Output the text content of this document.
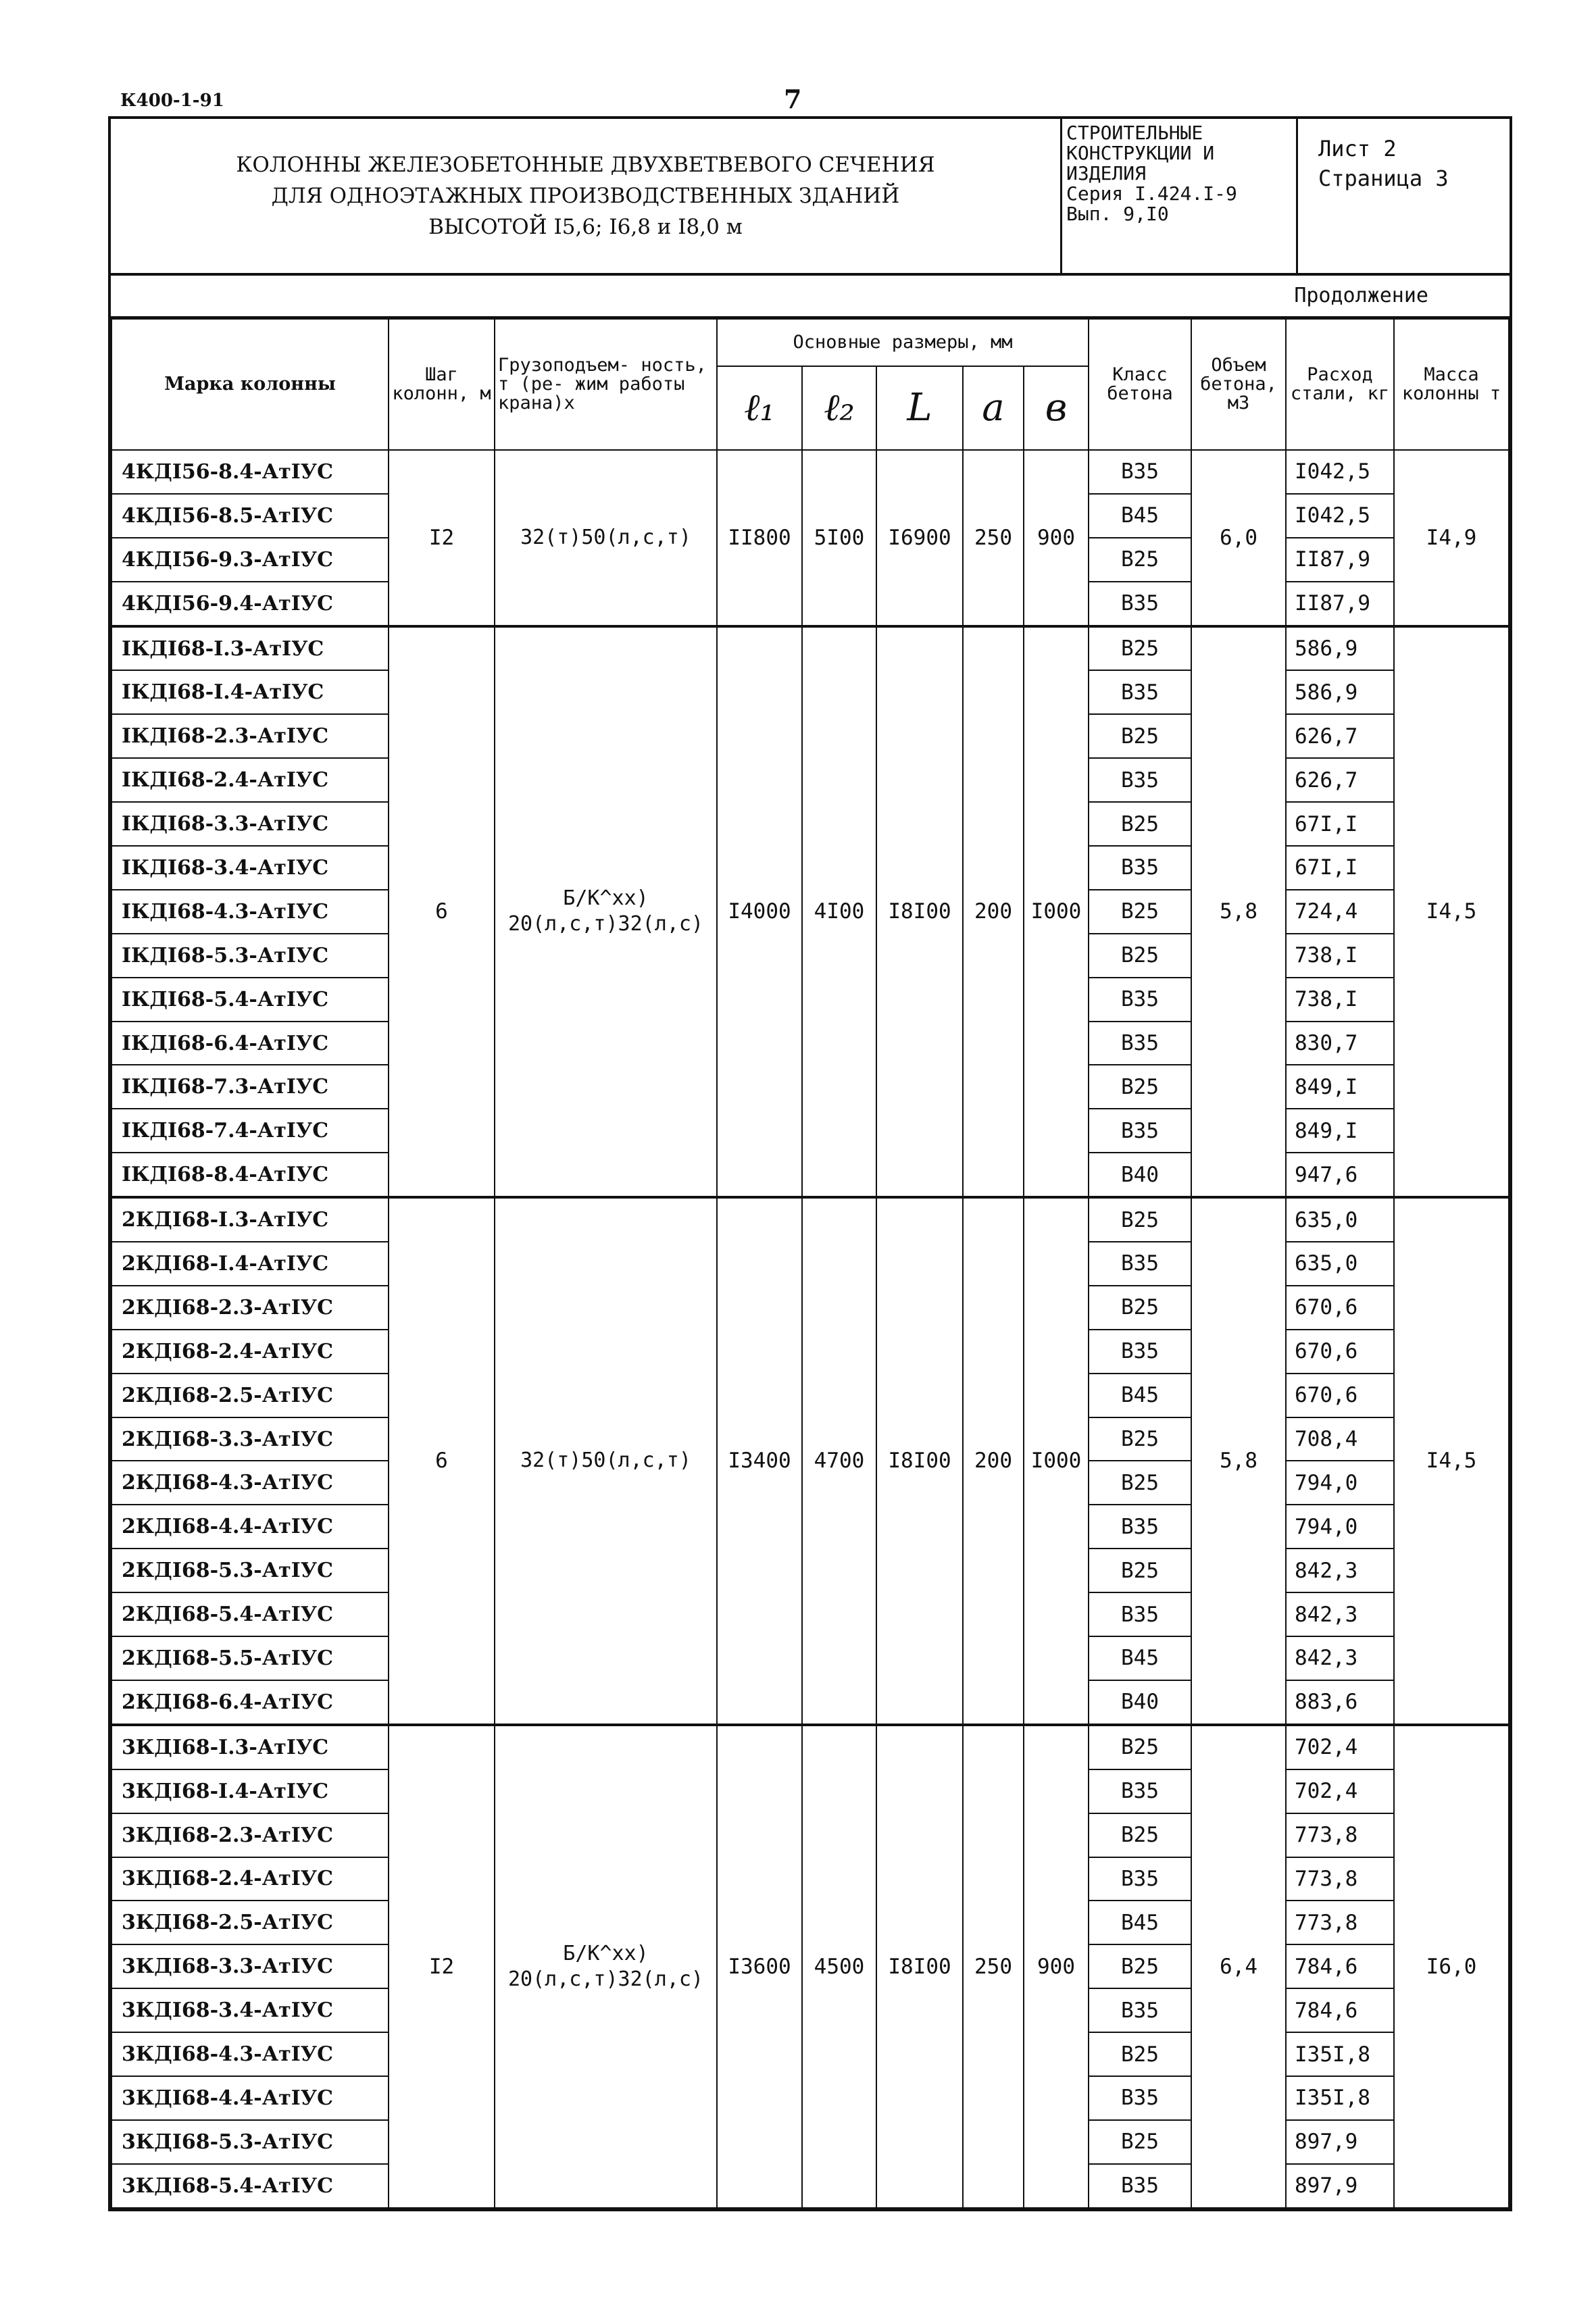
К400-1-91	7
КОЛОННЫ ЖЕЛЕЗОБЕТОННЫЕ ДВУХВЕТВЕВОГО СЕЧЕНИЯ
ДЛЯ ОДНОЭТАЖНЫХ ПРОИЗВОДСТВЕННЫХ ЗДАНИЙ
ВЫСОТОЙ I5,6; I6,8 и I8,0 м
СТРОИТЕЛЬНЫЕ
КОНСТРУКЦИИ И
ИЗДЕЛИЯ
Серия I.424.I-9
Вып. 9,I0
Лист 2
Страница 3
Продолжение
Марка колонны	Шаг колонн, м	Грузоподъем- ность, т (ре- жим работы крана)х	Основные размеры, мм					Класс бетона	Объем бетона, м3	Расход стали, кг	Масса колонны т
			ℓ₁	ℓ₂	L	a	в				
4КДI56-8.4-АтIУС	I2	32(т)50(л,с,т)	II800	5I00	I6900	250	900	B35	6,0	I042,5	I4,9
4КДI56-8.5-АтIУС								B45		I042,5	
4КДI56-9.3-АтIУС								B25		II87,9	
4КДI56-9.4-АтIУС								B35		II87,9	
IКДI68-I.3-АтIУС	6	Б/К^хх)
20(л,с,т)32(л,с)	I4000	4I00	I8I00	200	I000	B25	5,8	586,9	I4,5
IКДI68-I.4-АтIУС								B35		586,9	
IКДI68-2.3-АтIУС								B25		626,7	
IКДI68-2.4-АтIУС								B35		626,7	
IКДI68-3.3-АтIУС								B25		67I,I	
IКДI68-3.4-АтIУС								B35		67I,I	
IКДI68-4.3-АтIУС								B25		724,4	
IКДI68-5.3-АтIУС								B25		738,I	
IКДI68-5.4-АтIУС								B35		738,I	
IКДI68-6.4-АтIУС								B35		830,7	
IКДI68-7.3-АтIУС								B25		849,I	
IКДI68-7.4-АтIУС								B35		849,I	
IКДI68-8.4-АтIУС								B40		947,6	
2КДI68-I.3-АтIУС	6	32(т)50(л,с,т)	I3400	4700	I8I00	200	I000	B25	5,8	635,0	I4,5
2КДI68-I.4-АтIУС								B35		635,0	
2КДI68-2.3-АтIУС								B25		670,6	
2КДI68-2.4-АтIУС								B35		670,6	
2КДI68-2.5-АтIУС								B45		670,6	
2КДI68-3.3-АтIУС								B25		708,4	
2КДI68-4.3-АтIУС								B25		794,0	
2КДI68-4.4-АтIУС								B35		794,0	
2КДI68-5.3-АтIУС								B25		842,3	
2КДI68-5.4-АтIУС								B35		842,3	
2КДI68-5.5-АтIУС								B45		842,3	
2КДI68-6.4-АтIУС								B40		883,6	
3КДI68-I.3-АтIУС	I2	Б/К^хх)
20(л,с,т)32(л,с)	I3600	4500	I8I00	250	900	B25	6,4	702,4	I6,0
3КДI68-I.4-АтIУС								B35		702,4	
3КДI68-2.3-АтIУС								B25		773,8	
3КДI68-2.4-АтIУС								B35		773,8	
3КДI68-2.5-АтIУС								B45		773,8	
3КДI68-3.3-АтIУС								B25		784,6	
3КДI68-3.4-АтIУС								B35		784,6	
3КДI68-4.3-АтIУС								B25		I35I,8	
3КДI68-4.4-АтIУС								B35		I35I,8	
3КДI68-5.3-АтIУС								B25		897,9	
3КДI68-5.4-АтIУС								B35		897,9	
